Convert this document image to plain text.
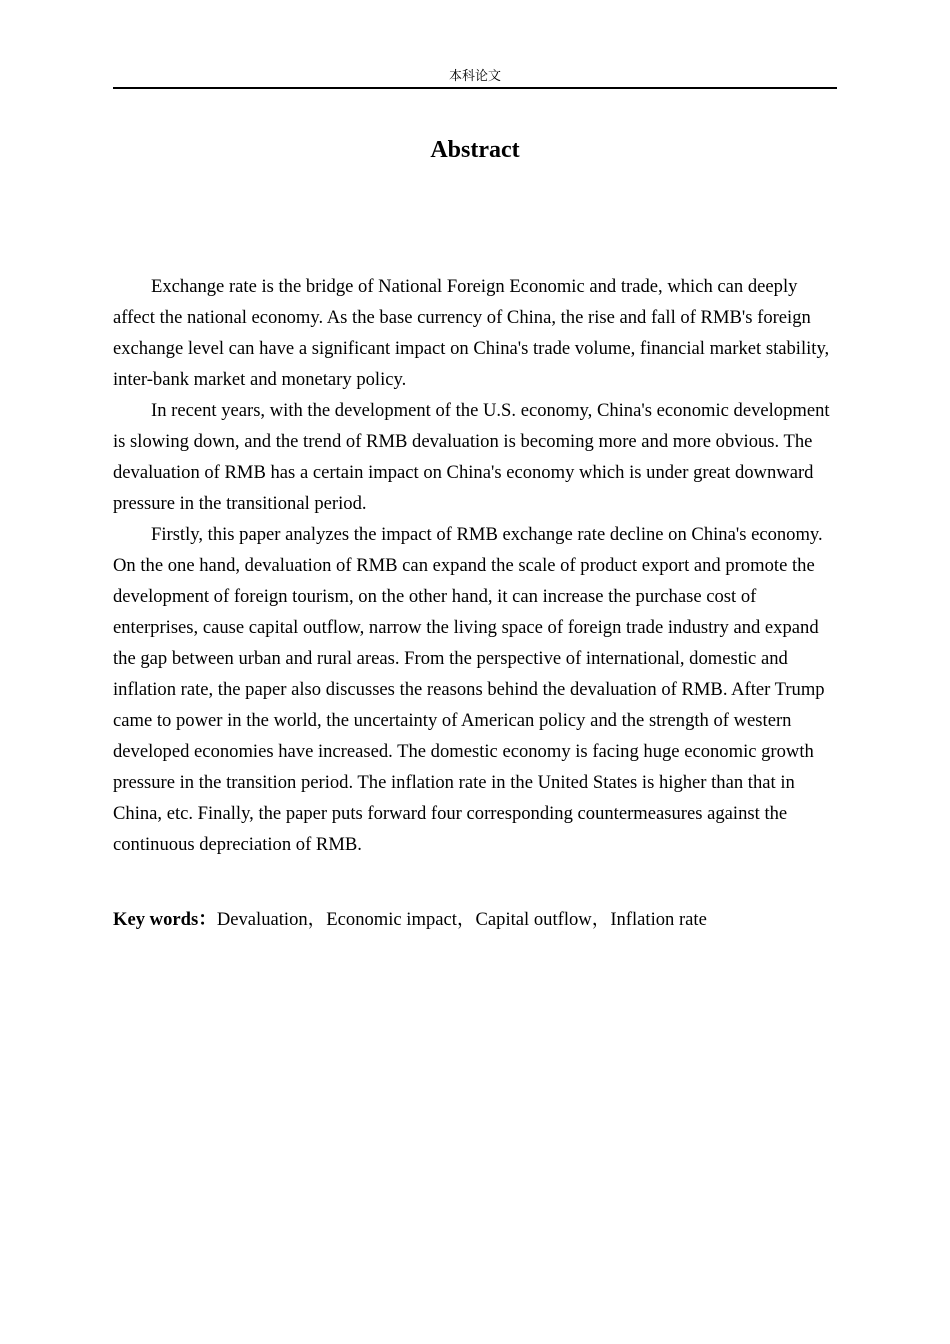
本科论文
Abstract

Exchange rate is the bridge of National Foreign Economic and trade, which can deeply affect the national economy. As the base currency of China, the rise and fall of RMB's foreign exchange level can have a significant impact on China's trade volume, financial market stability, inter-bank market and monetary policy.

In recent years, with the development of the U.S. economy, China's economic development is slowing down, and the trend of RMB devaluation is becoming more and more obvious. The devaluation of RMB has a certain impact on China's economy which is under great downward pressure in the transitional period.

Firstly, this paper analyzes the impact of RMB exchange rate decline on China's economy. On the one hand, devaluation of RMB can expand the scale of product export and promote the development of foreign tourism, on the other hand, it can increase the purchase cost of enterprises, cause capital outflow, narrow the living space of foreign trade industry and expand the gap between urban and rural areas. From the perspective of international, domestic and inflation rate, the paper also discusses the reasons behind the devaluation of RMB. After Trump came to power in the world, the uncertainty of American policy and the strength of western developed economies have increased. The domestic economy is facing huge economic growth pressure in the transition period. The inflation rate in the United States is higher than that in China, etc. Finally, the paper puts forward four corresponding countermeasures against the continuous depreciation of RMB.

Key words：Devaluation，Economic impact，Capital outflow，Inflation rate
